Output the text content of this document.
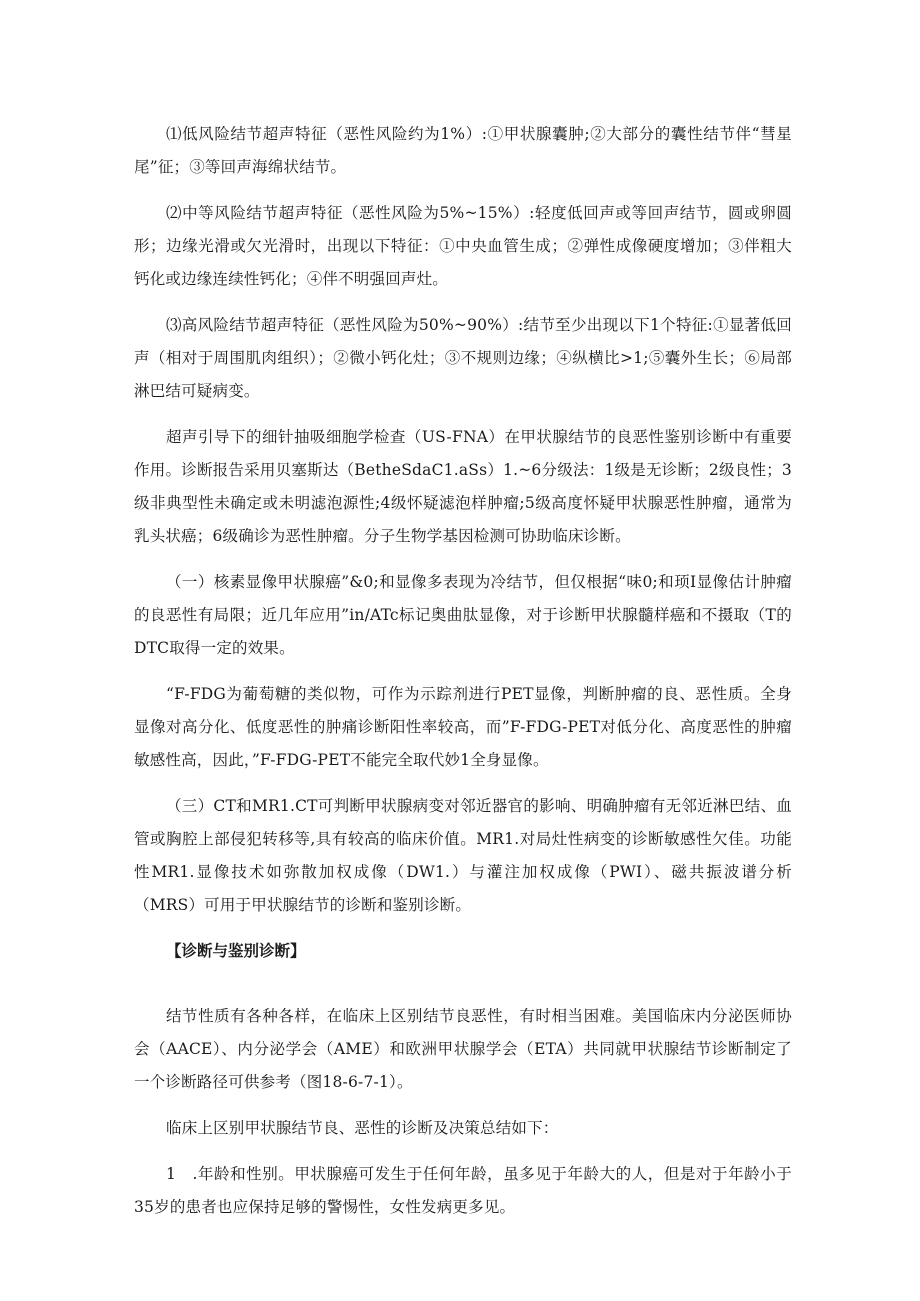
⑴低风险结节超声特征（恶性风险约为1%）:①甲状腺囊肿;②大部分的囊性结节伴“彗星尾”征；③等回声海绵状结节。

⑵中等风险结节超声特征（恶性风险为5%~15%）:轻度低回声或等回声结节，圆或卵圆形；边缘光滑或欠光滑时，出现以下特征：①中央血管生成；②弹性成像硬度增加；③伴粗大钙化或边缘连续性钙化；④伴不明强回声灶。

⑶高风险结节超声特征（恶性风险为50%~90%）:结节至少出现以下1个特征:①显著低回声（相对于周围肌肉组织）；②微小钙化灶；③不规则边缘；④纵横比>1;⑤囊外生长；⑥局部淋巴结可疑病变。

超声引导下的细针抽吸细胞学检查（US-FNA）在甲状腺结节的良恶性鉴别诊断中有重要作用。诊断报告采用贝塞斯达（BetheSdaC1.aSs）1.~6分级法：1级是无诊断；2级良性；3级非典型性未确定或未明滤泡源性;4级怀疑滤泡样肿瘤;5级高度怀疑甲状腺恶性肿瘤，通常为乳头状癌；6级确诊为恶性肿瘤。分子生物学基因检测可协助临床诊断。

（一）核素显像甲状腺癌”&0;和显像多表现为冷结节，但仅根据“味0;和顼I显像估计肿瘤的良恶性有局限；近几年应用”in/ATc标记奥曲肽显像，对于诊断甲状腺髓样癌和不摄取（T的DTC取得一定的效果。

“F-FDG为葡萄糖的类似物，可作为示踪剂进行PET显像，判断肿瘤的良、恶性质。全身显像对高分化、低度恶性的肿痛诊断阳性率较高，而”F-FDG-PET对低分化、高度恶性的肿瘤敏感性高，因此，”F-FDG-PET不能完全取代妙1全身显像。

（三）CT和MR1.CT可判断甲状腺病变对邻近器官的影响、明确肿瘤有无邻近淋巴结、血管或胸腔上部侵犯转移等,具有较高的临床价值。MR1.对局灶性病变的诊断敏感性欠佳。功能性MR1.显像技术如弥散加权成像（DW1.）与灌注加权成像（PWI）、磁共振波谱分析（MRS）可用于甲状腺结节的诊断和鉴别诊断。

【诊断与鉴别诊断】

结节性质有各种各样，在临床上区别结节良恶性，有时相当困难。美国临床内分泌医师协会（AACE）、内分泌学会（AME）和欧洲甲状腺学会（ETA）共同就甲状腺结节诊断制定了一个诊断路径可供参考（图18-6-7-1）。

临床上区别甲状腺结节良、恶性的诊断及决策总结如下：

1　.年龄和性别。甲状腺癌可发生于任何年龄，虽多见于年龄大的人，但是对于年龄小于35岁的患者也应保持足够的警惕性，女性发病更多见。
